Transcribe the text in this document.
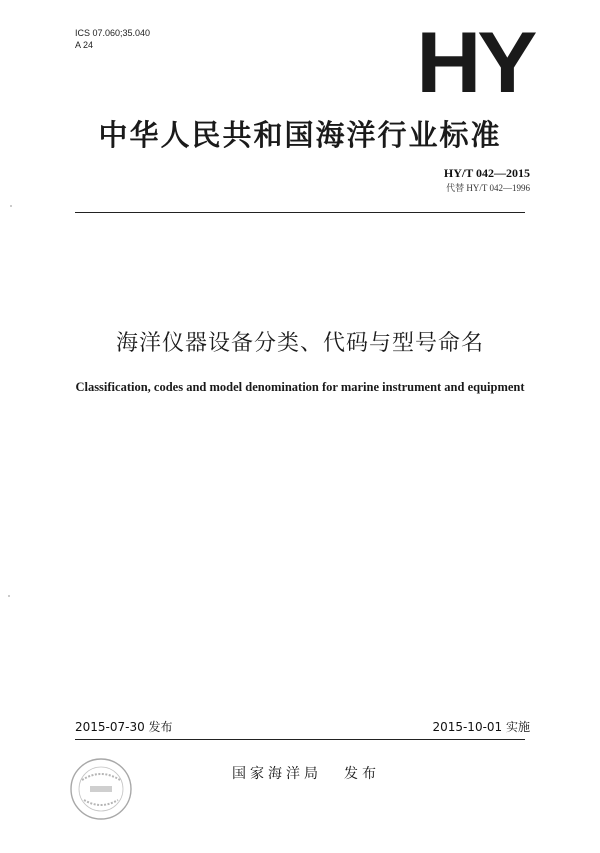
ICS 07.060;35.040
A 24	HY
中华人民共和国海洋行业标准
HY/T 042—2015
代替 HY/T 042—1996
海洋仪器设备分类、代码与型号命名
Classification, codes and model denomination for marine instrument and equipment
2015-07-30 发布	2015-10-01 实施
国家海洋局 发布
